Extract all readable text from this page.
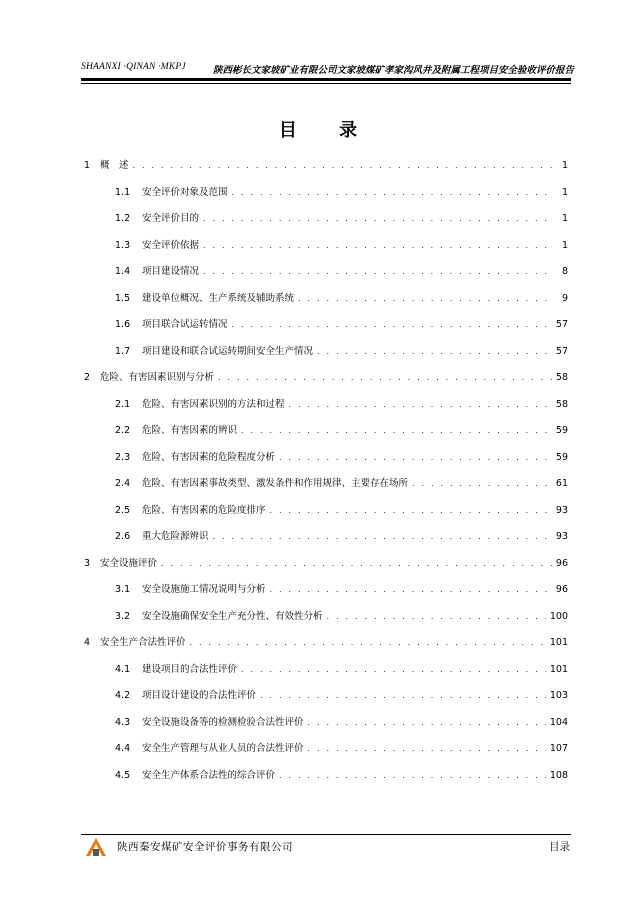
SHAANXI ·QINAN ·MKPJ	陕西彬长文家坡矿业有限公司文家坡煤矿孝家沟风井及附属工程项目安全验收评价报告
目 录
1	概　述 . . .	1
1.1	安全评价对象及范围 . . .	1
1.2	安全评价目的 . . .	1
1.3	安全评价依据 . . .	1
1.4	项目建设情况 . . .	8
1.5	建设单位概况、生产系统及辅助系统 . . .	9
1.6	项目联合试运转情况 . . .	57
1.7	项目建设和联合试运转期间安全生产情况 . . .	57
2	危险、有害因素识别与分析 . . .	58
2.1	危险、有害因素识别的方法和过程 . . .	58
2.2	危险、有害因素的辨识 . . .	59
2.3	危险、有害因素的危险程度分析 . . .	59
2.4	危险、有害因素事故类型、激发条件和作用规律、主要存在场所 . . .	61
2.5	危险、有害因素的危险度排序 . . .	93
2.6	重大危险源辨识 . . .	93
3	安全设施评价 . . .	96
3.1	安全设施施工情况说明与分析 . . .	96
3.2	安全设施确保安全生产充分性、有效性分析 . . .	100
4	安全生产合法性评价 . . .	101
4.1	建设项目的合法性评价 . . .	101
4.2	项目设计建设的合法性评价 . . .	103
4.3	安全设施设备等的检测检验合法性评价 . . .	104
4.4	安全生产管理与从业人员的合法性评价 . . .	107
4.5	安全生产体系合法性的综合评价 . . .	108
陕西秦安煤矿安全评价事务有限公司	目录
